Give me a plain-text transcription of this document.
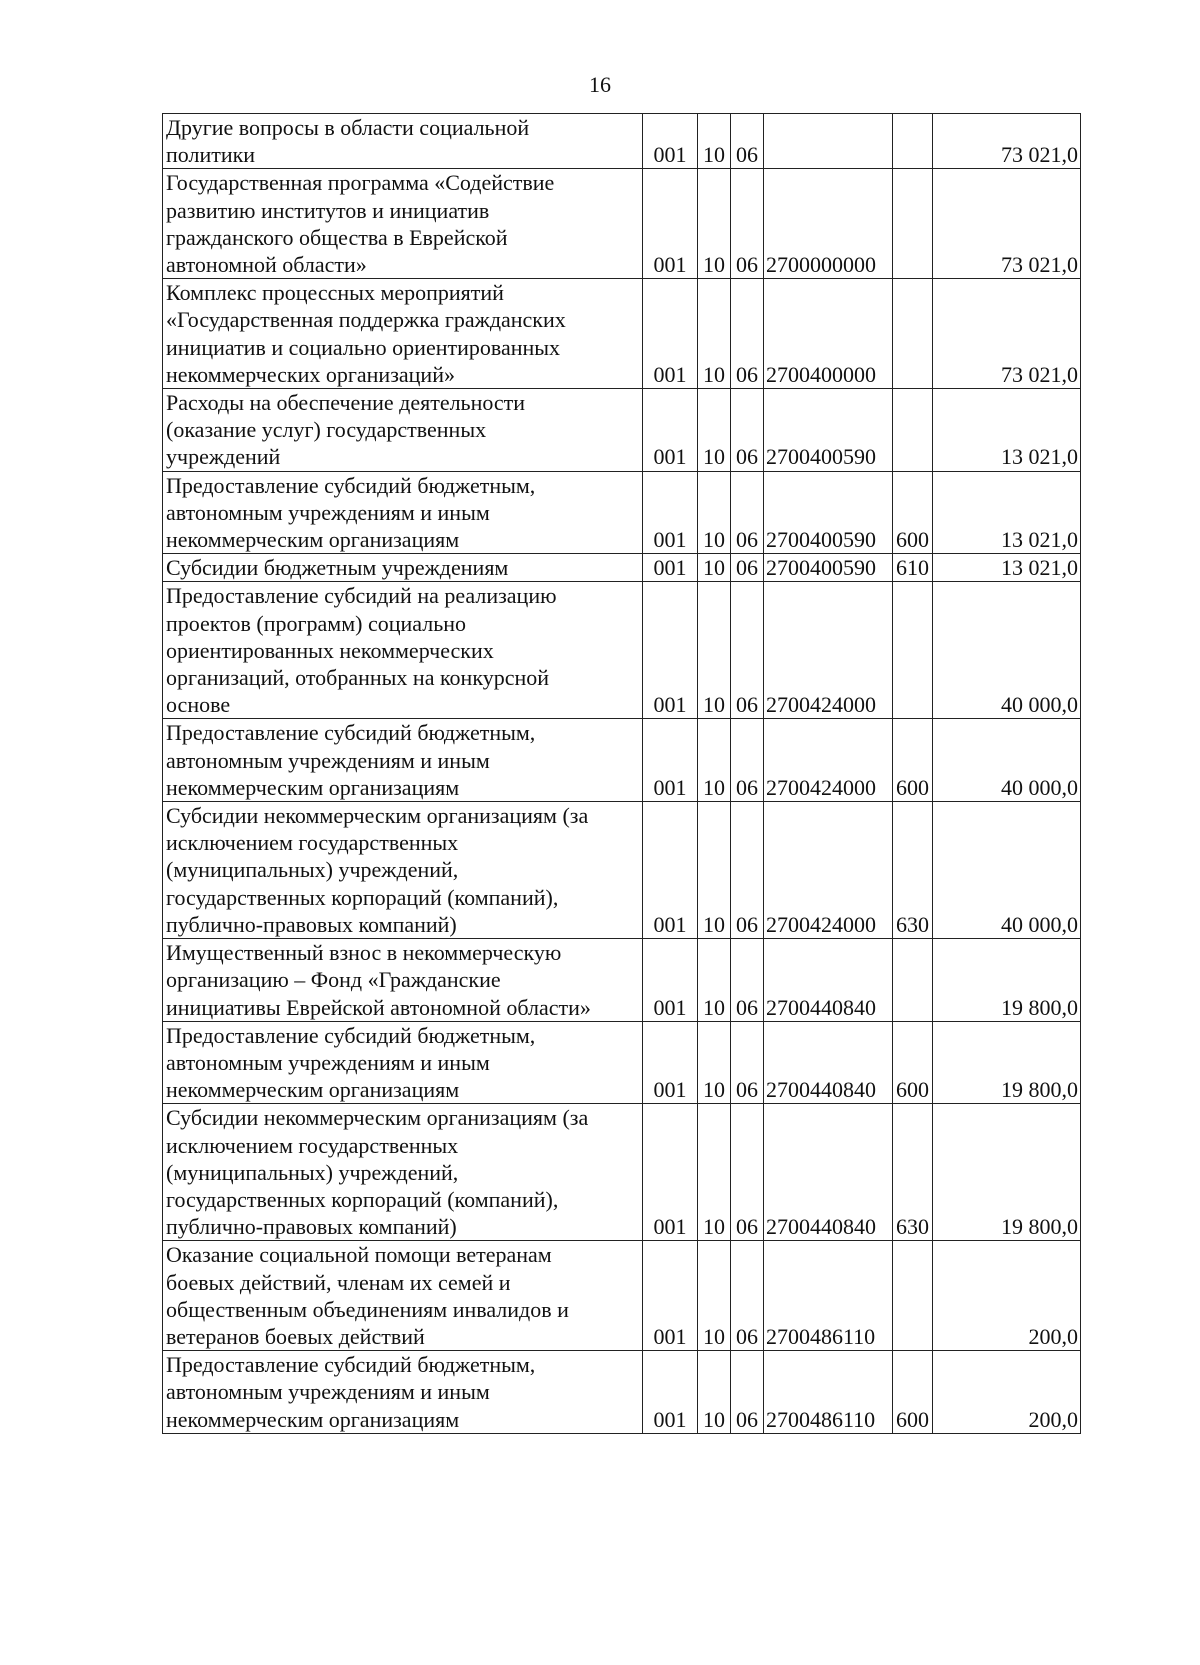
16
Другие вопросы в области социальной
политики	001	10	06			73 021,0

Государственная программа «Содействие
развитию институтов и инициатив
гражданского общества в Еврейской
автономной области»	001	10	06	2700000000		73 021,0

Комплекс процессных мероприятий
«Государственная поддержка гражданских
инициатив и социально ориентированных
некоммерческих организаций»	001	10	06	2700400000		73 021,0

Расходы на обеспечение деятельности
(оказание услуг) государственных
учреждений	001	10	06	2700400590		13 021,0

Предоставление субсидий бюджетным,
автономным учреждениям и иным
некоммерческим организациям	001	10	06	2700400590	600	13 021,0

Субсидии бюджетным учреждениям	001	10	06	2700400590	610	13 021,0

Предоставление субсидий на реализацию
проектов (программ) социально
ориентированных некоммерческих
организаций, отобранных на конкурсной
основе	001	10	06	2700424000		40 000,0

Предоставление субсидий бюджетным,
автономным учреждениям и иным
некоммерческим организациям	001	10	06	2700424000	600	40 000,0

Субсидии некоммерческим организациям (за
исключением государственных
(муниципальных) учреждений,
государственных корпораций (компаний),
публично-правовых компаний)	001	10	06	2700424000	630	40 000,0

Имущественный взнос в некоммерческую
организацию – Фонд «Гражданские
инициативы Еврейской автономной области»	001	10	06	2700440840		19 800,0

Предоставление субсидий бюджетным,
автономным учреждениям и иным
некоммерческим организациям	001	10	06	2700440840	600	19 800,0

Субсидии некоммерческим организациям (за
исключением государственных
(муниципальных) учреждений,
государственных корпораций (компаний),
публично-правовых компаний)	001	10	06	2700440840	630	19 800,0

Оказание социальной помощи ветеранам
боевых действий, членам их семей и
общественным объединениям инвалидов и
ветеранов боевых действий	001	10	06	2700486110		200,0

Предоставление субсидий бюджетным,
автономным учреждениям и иным
некоммерческим организациям	001	10	06	2700486110	600	200,0
